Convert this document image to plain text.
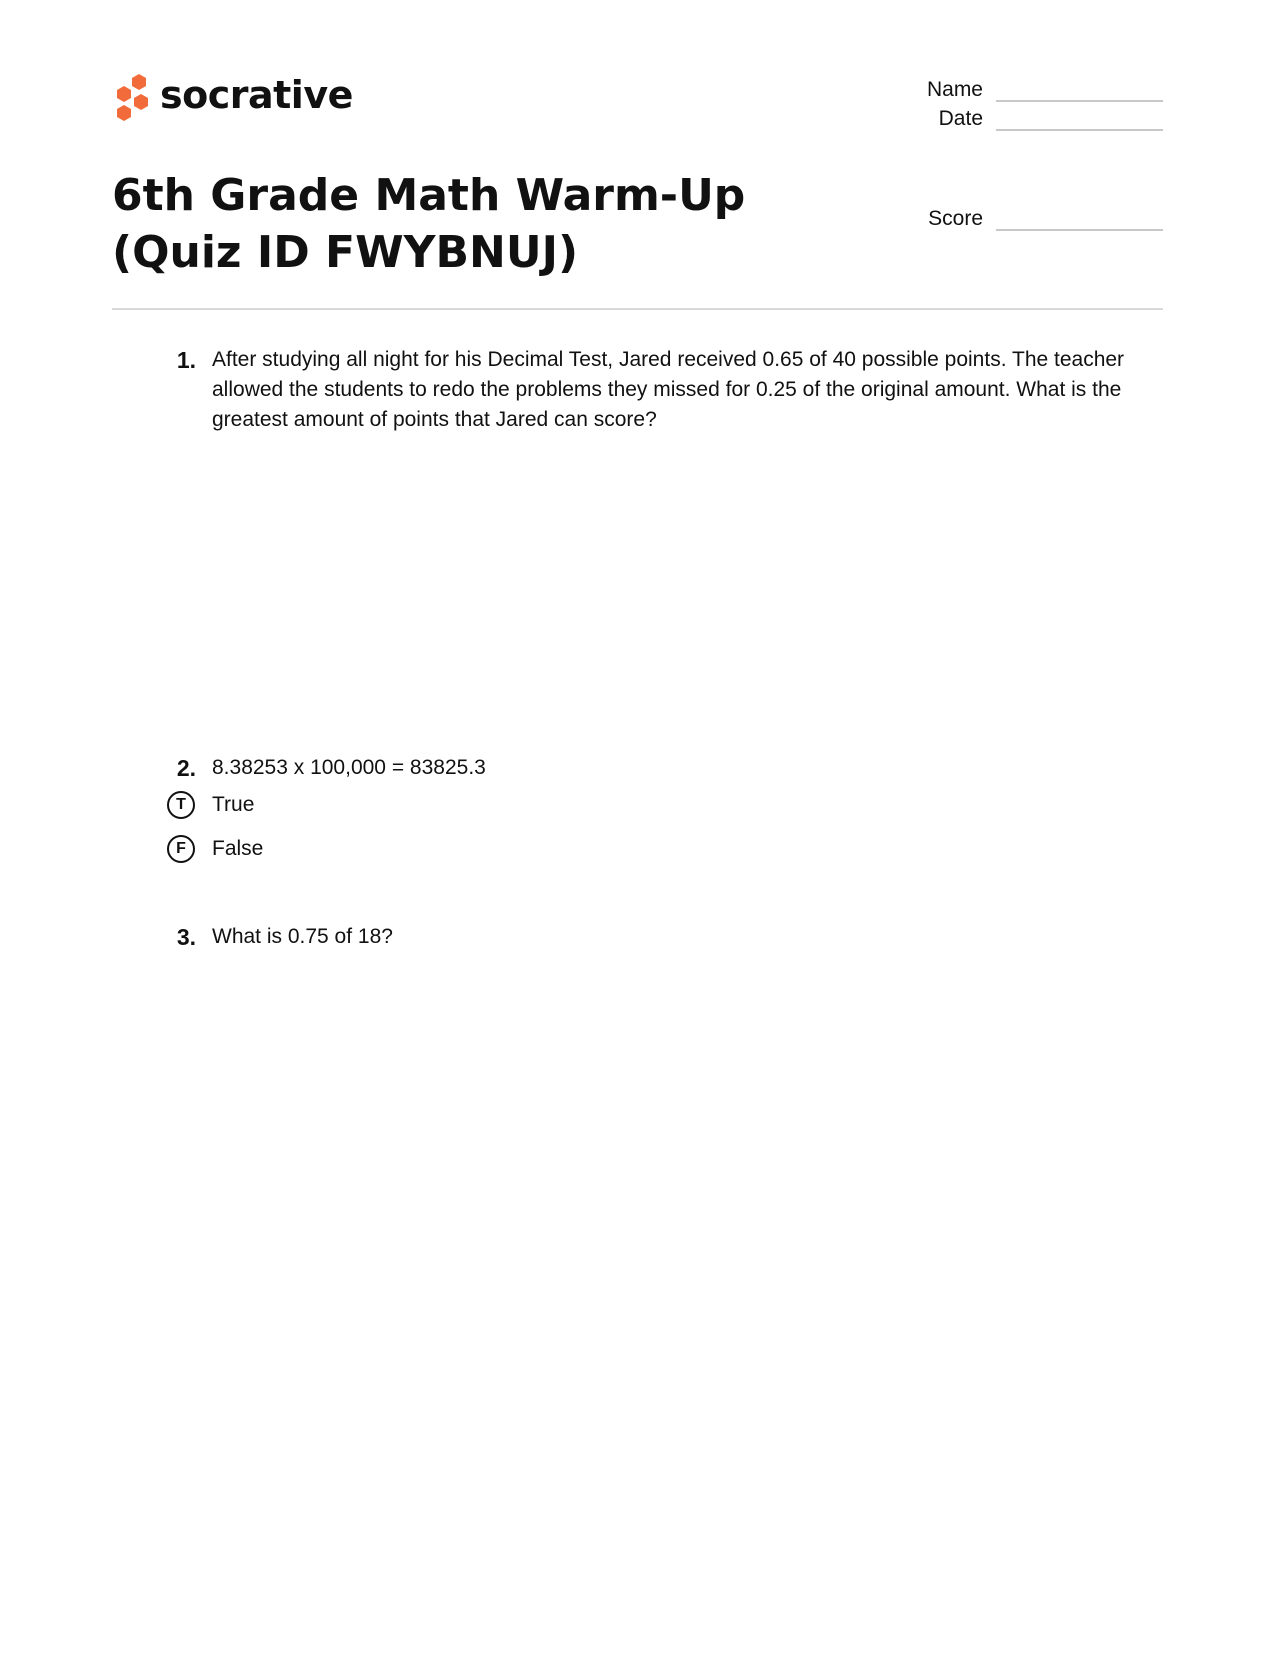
socrative	Name
Date
Score
6th Grade Math Warm-Up (Quiz ID FWYBNUJ)
1. After studying all night for his Decimal Test, Jared received 0.65 of 40 possible points. The teacher allowed the students to redo the problems they missed for 0.25 of the original amount. What is the greatest amount of points that Jared can score?

2. 8.38253 x 100,000 = 83825.3

T	True
F	False
3. What is 0.75 of 18?
